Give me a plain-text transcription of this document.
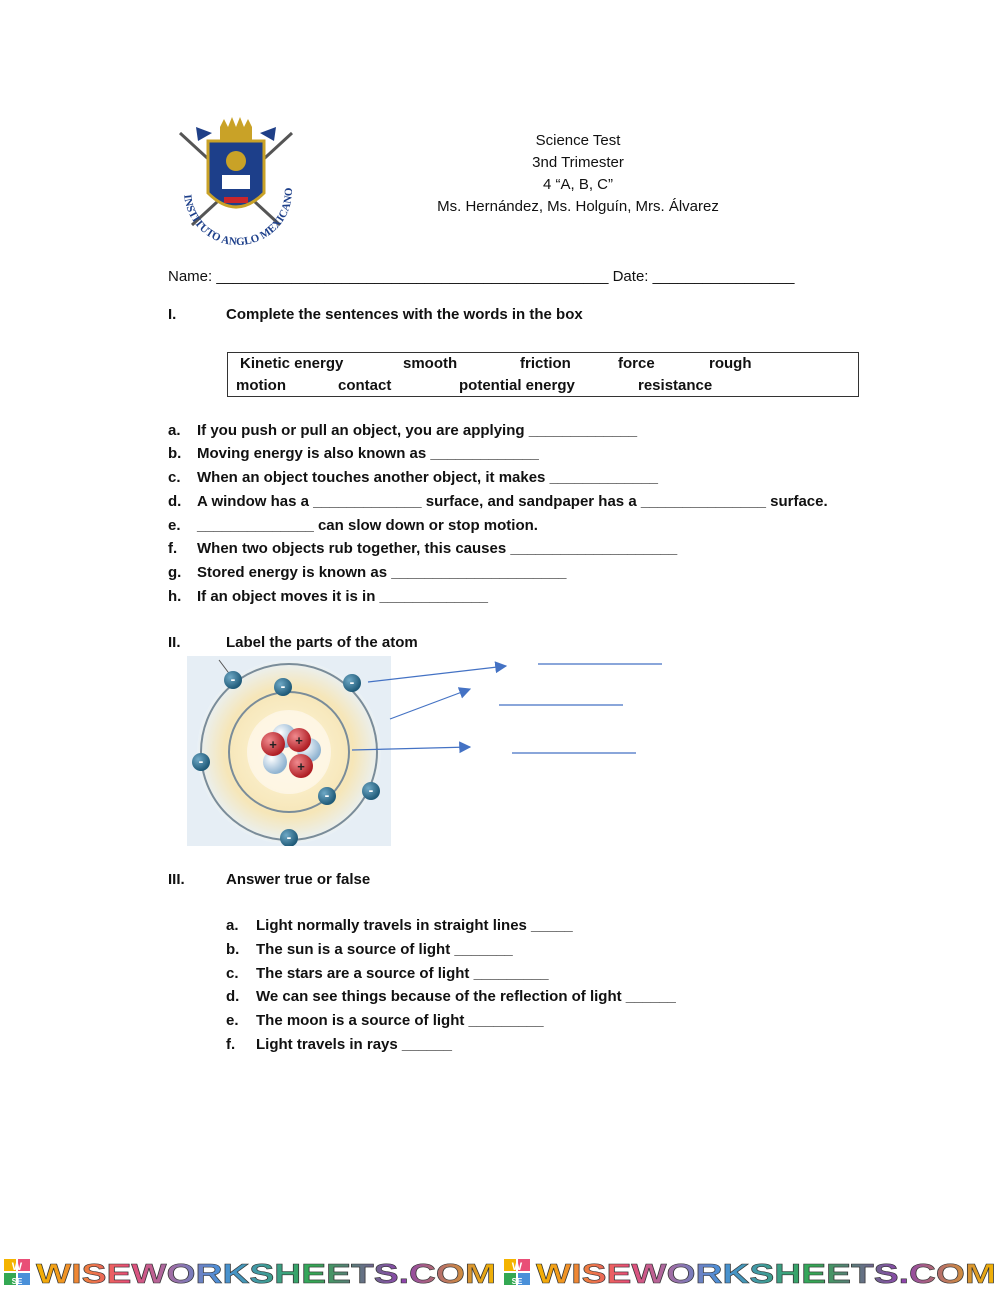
INSTITUTO ANGLO MEXICANO
Science Test
3nd Trimester
4 “A, B, C”
Ms. Hernández, Ms. Holguín, Mrs. Álvarez
Name: _______________________________________________ Date: _________________
I.	Complete the sentences with the words in the box
Kinetic energy	smooth	friction	force	rough
motion	contact	potential energy	resistance
a. If you push or pull an object, you are applying _____________
b. Moving energy is also known as _____________
c. When an object touches another object, it makes _____________
d. A window has a _____________ surface, and sandpaper has a _______________ surface.
e. ______________ can slow down or stop motion.
f. When two objects rub together, this causes ____________________
g. Stored energy is known as _____________________
h. If an object moves it is in _____________
II.	Label the parts of the atom
+ +
+
-	-	-
-
-	-
-
III.	Answer true or false
a. Light normally travels in straight lines _____
b. The sun is a source of light _______
c. The stars are a source of light _________
d. We can see things because of the reflection of light ______
e. The moon is a source of light _________
f. Light travels in rays ______
W
SE WISEWORKSHEETS.COM W
SE WISEWORKSHEETS.COM
